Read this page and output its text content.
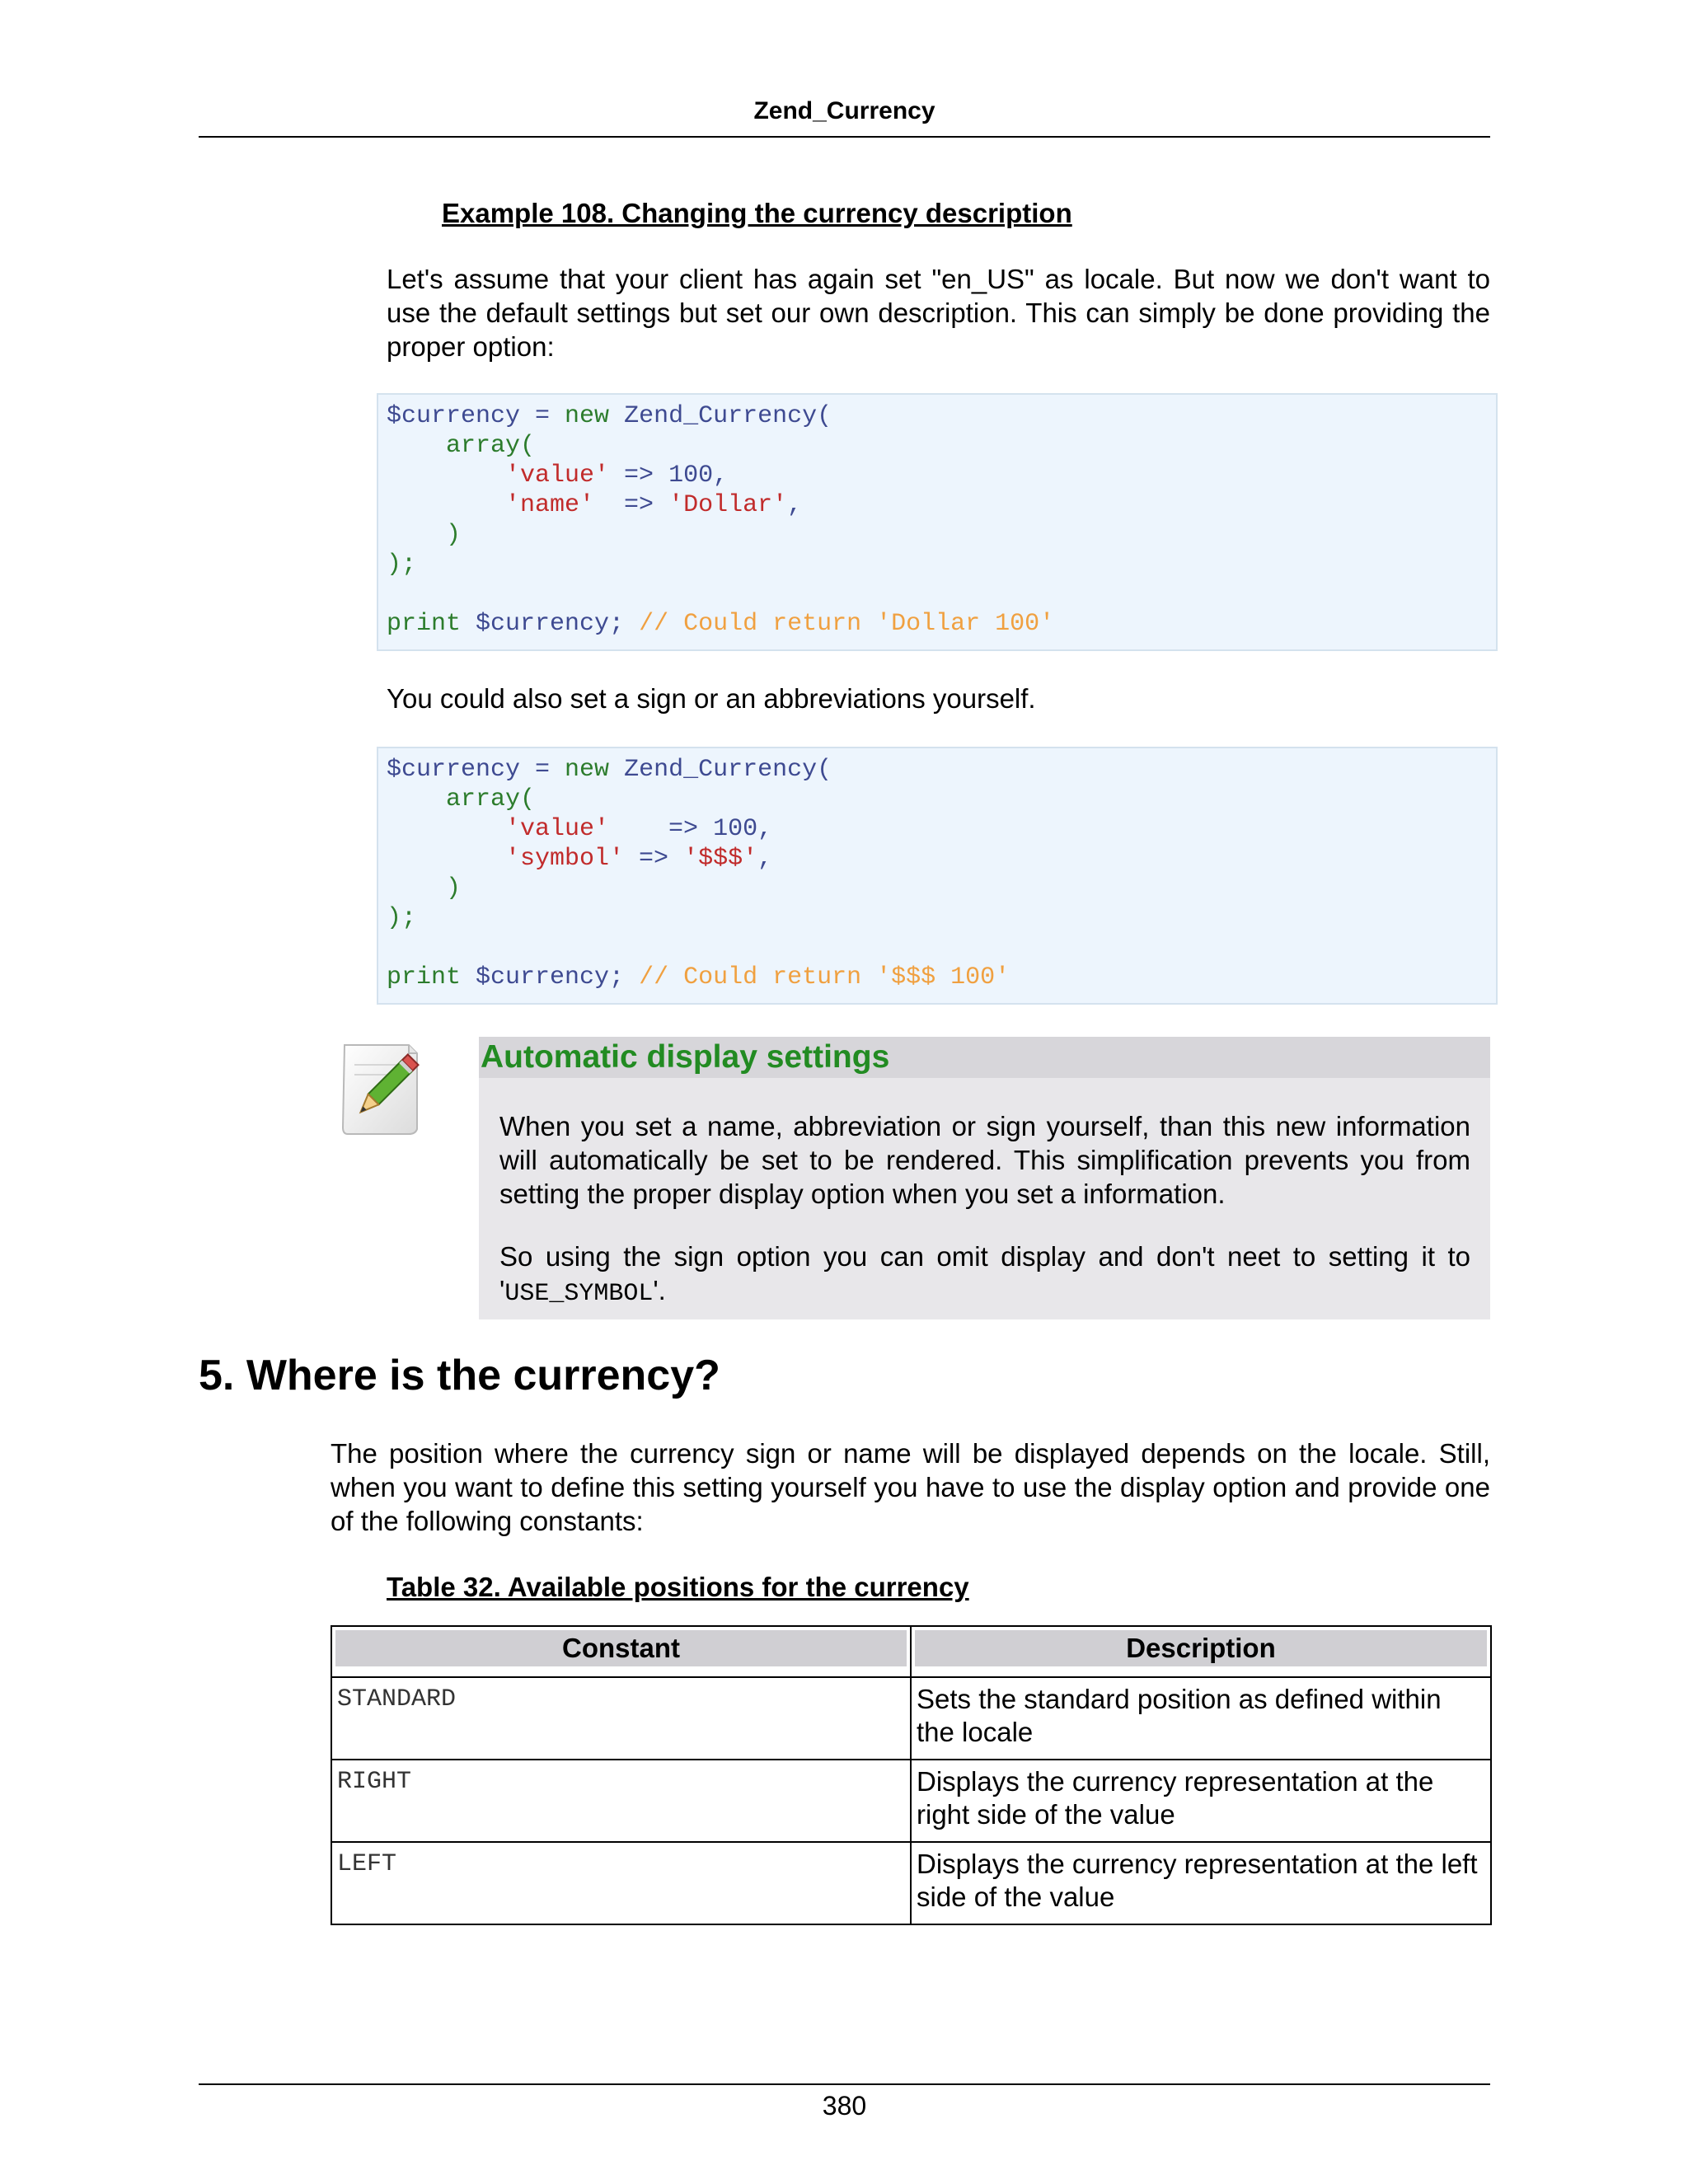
Zend_Currency
Example 108. Changing the currency description
Let's assume that your client has again set "en_US" as locale. But now we don't want to use the default settings but set our own description. This can simply be done providing the proper option:
$currency = new Zend_Currency(
array(
'value' => 100,
'name'  => 'Dollar',
)
);
print $currency; // Could return 'Dollar 100'
You could also set a sign or an abbreviations yourself.
$currency = new Zend_Currency(
array(
'value'    => 100,
'symbol' => '$$$',
)
);
print $currency; // Could return '$$$ 100'
Automatic display settings
When you set a name, abbreviation or sign yourself, than this new information will automatically be set to be rendered. This simplification prevents you from setting the proper display option when you set a information.
So using the sign option you can omit display and don't neet to setting it to 'USE_SYMBOL'.
5. Where is the currency?
The position where the currency sign or name will be displayed depends on the locale. Still, when you want to define this setting yourself you have to use the display option and provide one of the following constants:
Table 32. Available positions for the currency
Constant	Description

STANDARD	Sets the standard position as defined within the locale
RIGHT	Displays the currency representation at the right side of the value
LEFT	Displays the currency representation at the left side of the value
380
